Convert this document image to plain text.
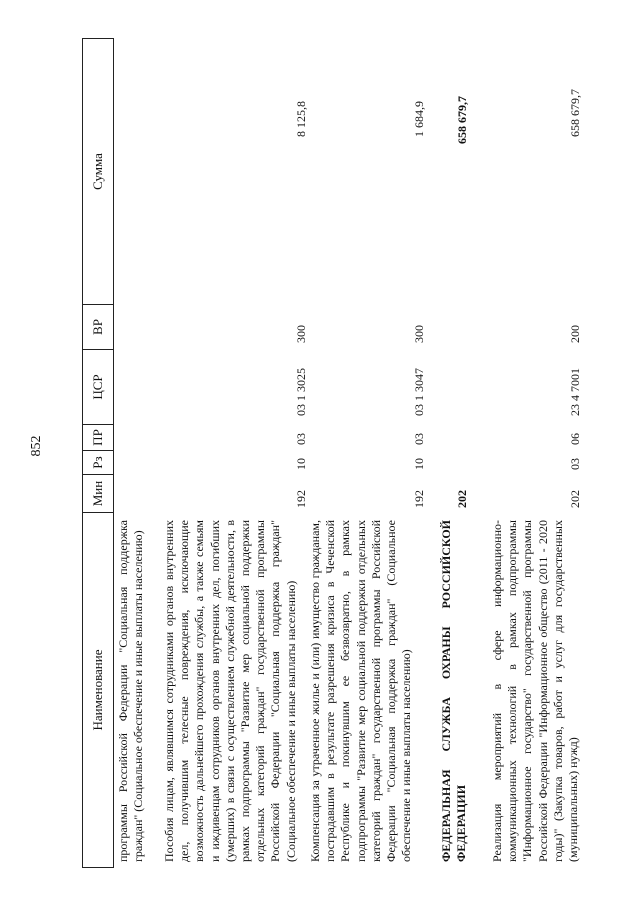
852
Наименование
Мин
Рз
ПР
ЦСР
ВР
Сумма
программы Российской Федерации "Социальная поддержка граждан" (Социальное обеспечение и иные выплаты населению) Пособия лицам, являвшимся сотрудниками органов внутренних дел, получившим телесные повреждения, исключающие возможность дальнейшего прохождения службы, а также семьям и иждивенцам сотрудников органов внутренних дел, погибших (умерших) в связи с осуществлением служебной деятельности, в рамках подпрограммы "Развитие мер социальной поддержки отдельных категорий граждан" государственной программы Российской Федерации "Социальная поддержка граждан" (Социальное обеспечение и иные выплаты населению)
192
10
03
03 1 3025
300
8 125,8
Компенсация за утраченное жилье и (или) имущество гражданам, пострадавшим в результате разрешения кризиса в Чеченской Республике и покинувшим ее безвозвратно, в рамках подпрограммы "Развитие мер социальной поддержки отдельных категорий граждан" государственной программы Российской Федерации "Социальная поддержка граждан" (Социальное обеспечение и иные выплаты населению)
192
10
03
03 1 3047
300
1 684,9
ФЕДЕРАЛЬНАЯ СЛУЖБА ОХРАНЫ РОССИЙСКОЙ ФЕДЕРАЦИИ
202
658 679,7
Реализация мероприятий в сфере информационно-коммуникационных технологий в рамках подпрограммы "Информационное государство" государственной программы Российской Федерации "Информационное общество (2011 - 2020 годы)" (Закупка товаров, работ и услуг для государственных (муниципальных) нужд)
202
03
06
23 4 7001
200
658 679,7
